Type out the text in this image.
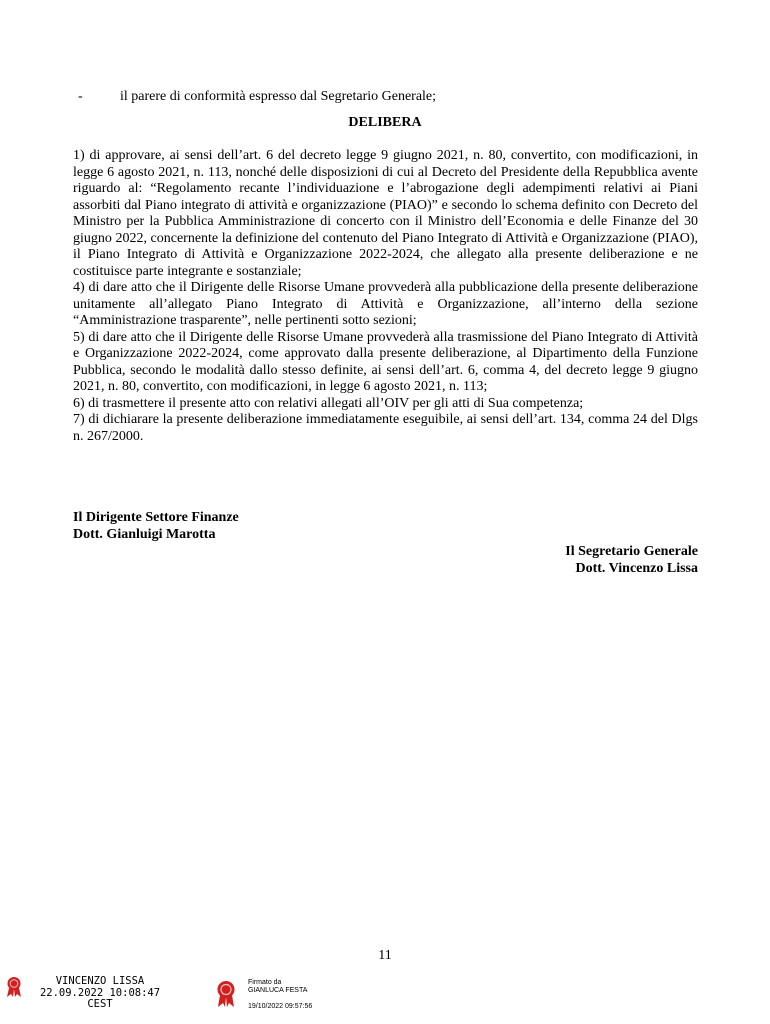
-	il parere di conformità espresso dal Segretario Generale;
DELIBERA

1) di approvare, ai sensi dell’art. 6 del decreto legge 9 giugno 2021, n. 80, convertito, con modificazioni, in legge 6 agosto 2021, n. 113, nonché delle disposizioni di cui al Decreto del Presidente della Repubblica avente riguardo al: “Regolamento recante l’individuazione e l’abrogazione degli adempimenti relativi ai Piani assorbiti dal Piano integrato di attività e organizzazione (PIAO)” e secondo lo schema definito con Decreto del Ministro per la Pubblica Amministrazione di concerto con il Ministro dell’Economia e delle Finanze del 30 giugno 2022, concernente la definizione del contenuto del Piano Integrato di Attività e Organizzazione (PIAO), il Piano Integrato di Attività e Organizzazione 2022-2024, che allegato alla presente deliberazione e ne costituisce parte integrante e sostanziale;

4) di dare atto che il Dirigente delle Risorse Umane provvederà alla pubblicazione della presente deliberazione unitamente all’allegato Piano Integrato di Attività e Organizzazione, all’interno della sezione “Amministrazione trasparente”, nelle pertinenti sotto sezioni;

5) di dare atto che il Dirigente delle Risorse Umane provvederà alla trasmissione del Piano Integrato di Attività e Organizzazione 2022-2024, come approvato dalla presente deliberazione, al Dipartimento della Funzione Pubblica, secondo le modalità dallo stesso definite, ai sensi dell’art. 6, comma 4, del decreto legge 9 giugno 2021, n. 80, convertito, con modificazioni, in legge 6 agosto 2021, n. 113;

6) di trasmettere il presente atto con relativi allegati all’OIV per gli atti di Sua competenza;

7) di dichiarare la presente deliberazione immediatamente eseguibile, ai sensi dell’art. 134, comma 24 del Dlgs n. 267/2000.

Il Dirigente Settore Finanze
Dott. Gianluigi Marotta
Il Segretario Generale
Dott. Vincenzo Lissa
11
VINCENZO LISSA
22.09.2022 10:08:47 CEST
Firmato da
GIANLUCA FESTA
19/10/2022 09:57:56
